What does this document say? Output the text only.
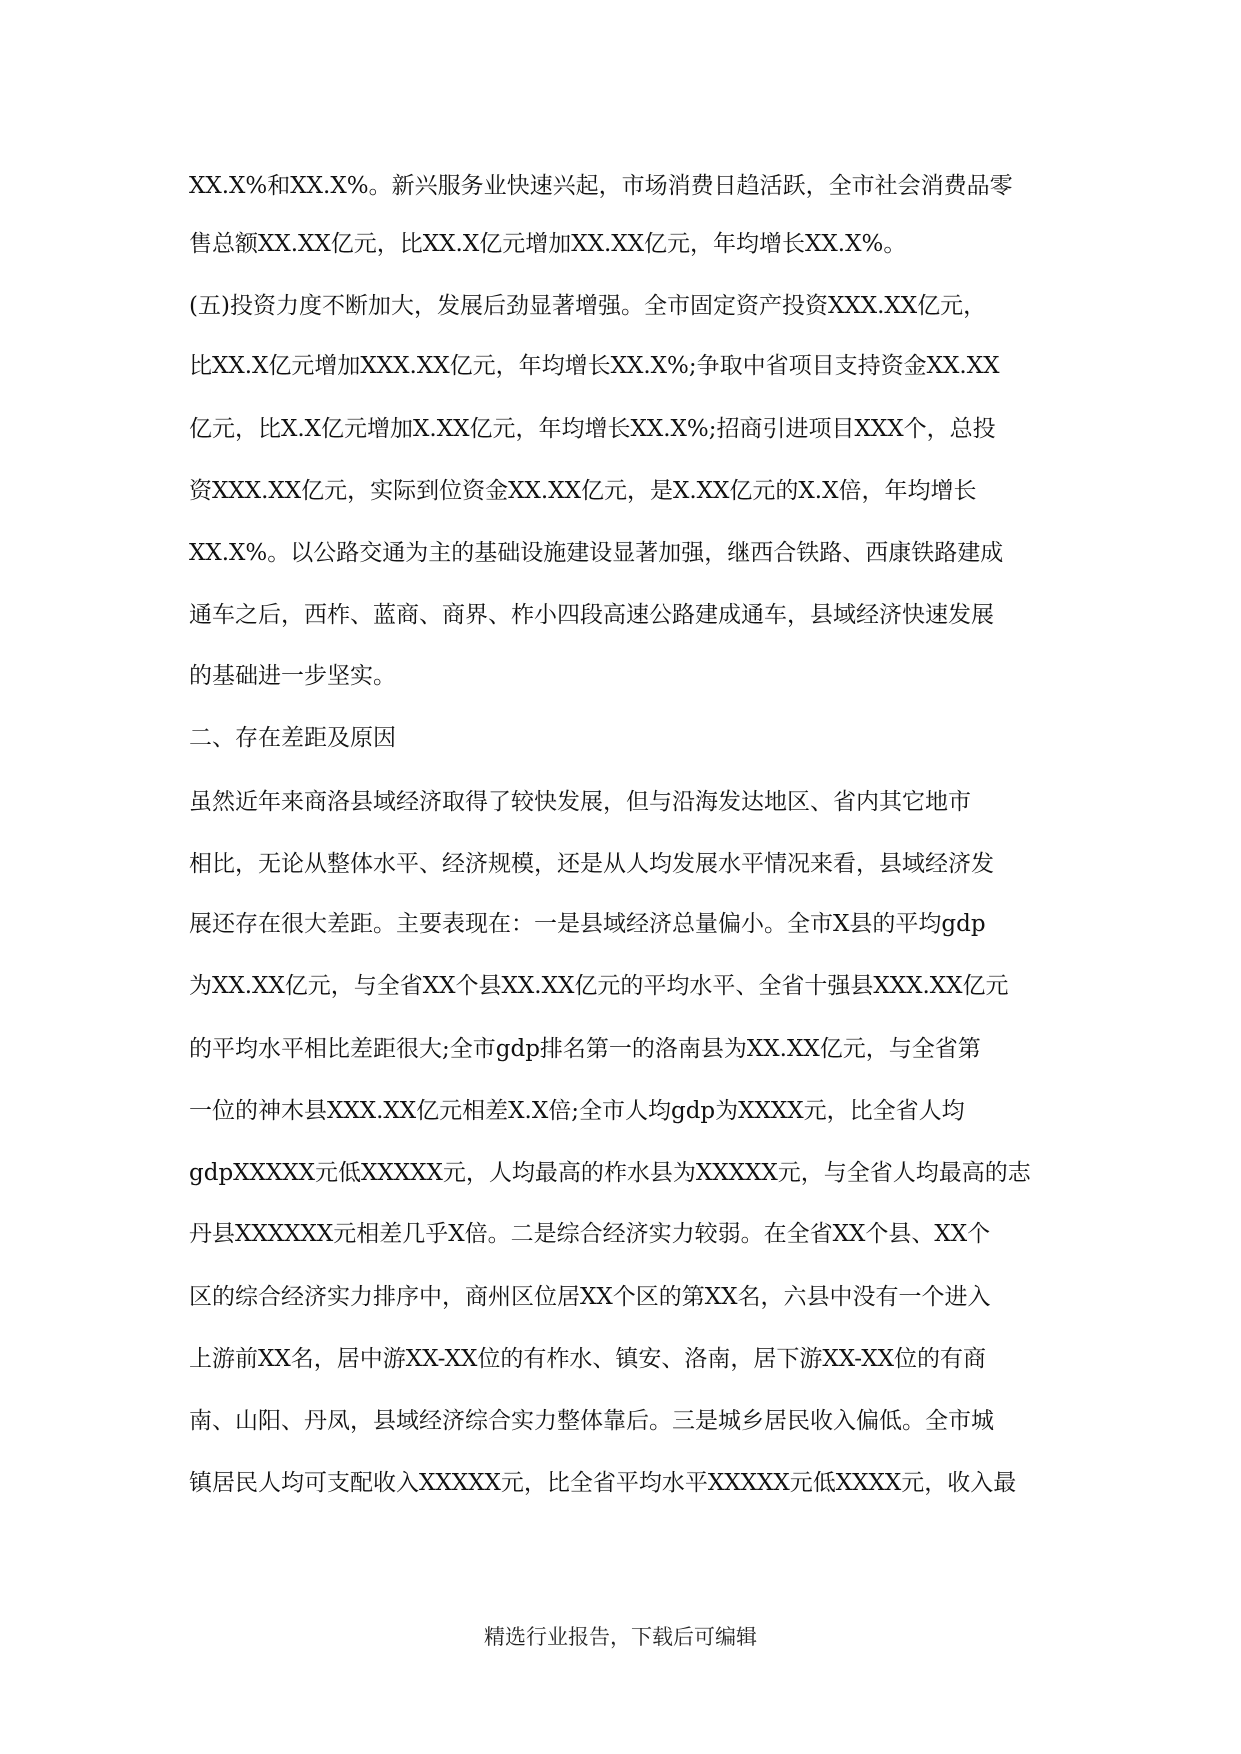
XX.X%和XX.X%。新兴服务业快速兴起，市场消费日趋活跃，全市社会消费品零
售总额XX.XX亿元，比XX.X亿元增加XX.XX亿元，年均增长XX.X%。
(五)投资力度不断加大，发展后劲显著增强。全市固定资产投资XXX.XX亿元，
比XX.X亿元增加XXX.XX亿元，年均增长XX.X%;争取中省项目支持资金XX.XX
亿元，比X.X亿元增加X.XX亿元，年均增长XX.X%;招商引进项目XXX个，总投
资XXX.XX亿元，实际到位资金XX.XX亿元，是X.XX亿元的X.X倍，年均增长
XX.X%。以公路交通为主的基础设施建设显著加强，继西合铁路、西康铁路建成
通车之后，西柞、蓝商、商界、柞小四段高速公路建成通车，县域经济快速发展
的基础进一步坚实。
二、存在差距及原因
虽然近年来商洛县域经济取得了较快发展，但与沿海发达地区、省内其它地市
相比，无论从整体水平、经济规模，还是从人均发展水平情况来看，县域经济发
展还存在很大差距。主要表现在：一是县域经济总量偏小。全市X县的平均gdp
为XX.XX亿元，与全省XX个县XX.XX亿元的平均水平、全省十强县XXX.XX亿元
的平均水平相比差距很大;全市gdp排名第一的洛南县为XX.XX亿元，与全省第
一位的神木县XXX.XX亿元相差X.X倍;全市人均gdp为XXXX元，比全省人均
gdpXXXXX元低XXXXX元，人均最高的柞水县为XXXXX元，与全省人均最高的志
丹县XXXXXX元相差几乎X倍。二是综合经济实力较弱。在全省XX个县、XX个
区的综合经济实力排序中，商州区位居XX个区的第XX名，六县中没有一个进入
上游前XX名，居中游XX-XX位的有柞水、镇安、洛南，居下游XX-XX位的有商
南、山阳、丹凤，县域经济综合实力整体靠后。三是城乡居民收入偏低。全市城
镇居民人均可支配收入XXXXX元，比全省平均水平XXXXX元低XXXX元，收入最
精选行业报告，下载后可编辑
